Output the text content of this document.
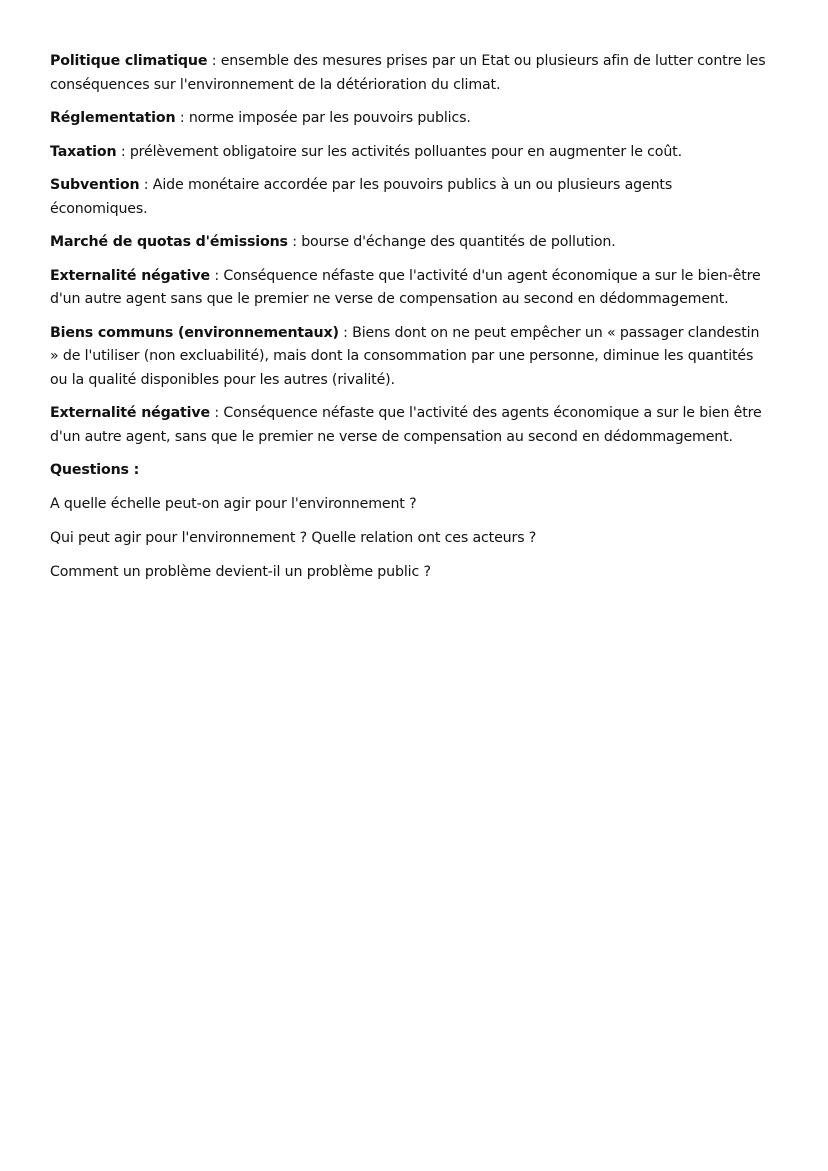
Politique climatique : ensemble des mesures prises par un Etat ou plusieurs afin de lutter contre les conséquences sur l'environnement de la détérioration du climat.

Réglementation : norme imposée par les pouvoirs publics.

Taxation : prélèvement obligatoire sur les activités polluantes pour en augmenter le coût.

Subvention : Aide monétaire accordée par les pouvoirs publics à un ou plusieurs agents économiques.

Marché de quotas d'émissions : bourse d'échange des quantités de pollution.

Externalité négative : Conséquence néfaste que l'activité d'un agent économique a sur le bien-être d'un autre agent sans que le premier ne verse de compensation au second en dédommagement.

Biens communs (environnementaux) : Biens dont on ne peut empêcher un « passager clandestin » de l'utiliser (non excluabilité), mais dont la consommation par une personne, diminue les quantités ou la qualité disponibles pour les autres (rivalité).

Externalité négative : Conséquence néfaste que l'activité des agents économique a sur le bien être d'un autre agent, sans que le premier ne verse de compensation au second en dédommagement.

Questions :

A quelle échelle peut-on agir pour l'environnement ?

Qui peut agir pour l'environnement ? Quelle relation ont ces acteurs ?

Comment un problème devient-il un problème public ?
